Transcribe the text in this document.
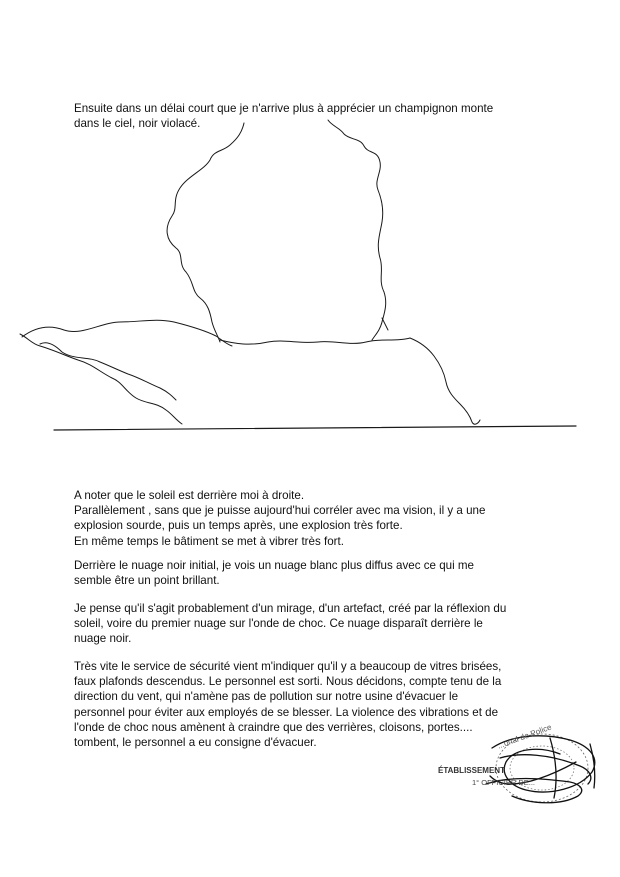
Ensuite dans un délai court que je n'arrive plus à apprécier un champignon monte
dans le ciel, noir violacé.

A noter que le soleil est derrière moi à droite.
Parallèlement , sans que je puisse aujourd'hui corréler avec ma vision, il y a une
explosion sourde, puis un temps après, une explosion très forte.
En même temps le bâtiment se met à vibrer très fort.

Derrière le nuage noir initial, je vois un nuage blanc plus diffus avec ce qui me
semble être un point brillant.

Je pense qu'il s'agit probablement d'un mirage, d'un artefact, créé par la réflexion du
soleil, voire du premier nuage sur l'onde de choc. Ce nuage disparaît derrière le
nuage noir.

Très vite le service de sécurité vient m'indiquer qu'il y a beaucoup de vitres brisées,
faux plafonds descendus. Le personnel est sorti. Nous décidons, compte tenu de la
direction du vent, qui n'amène pas de pollution sur notre usine d'évacuer le
personnel pour éviter aux employés de se blesser. La violence des vibrations et de
l'onde de choc nous amènent à craindre que des verrières, cloisons, portes....
tombent, le personnel a eu consigne d'évacuer.	...onal de Police
ÉTABLISSEMENT
1° OFFICIER DE...
